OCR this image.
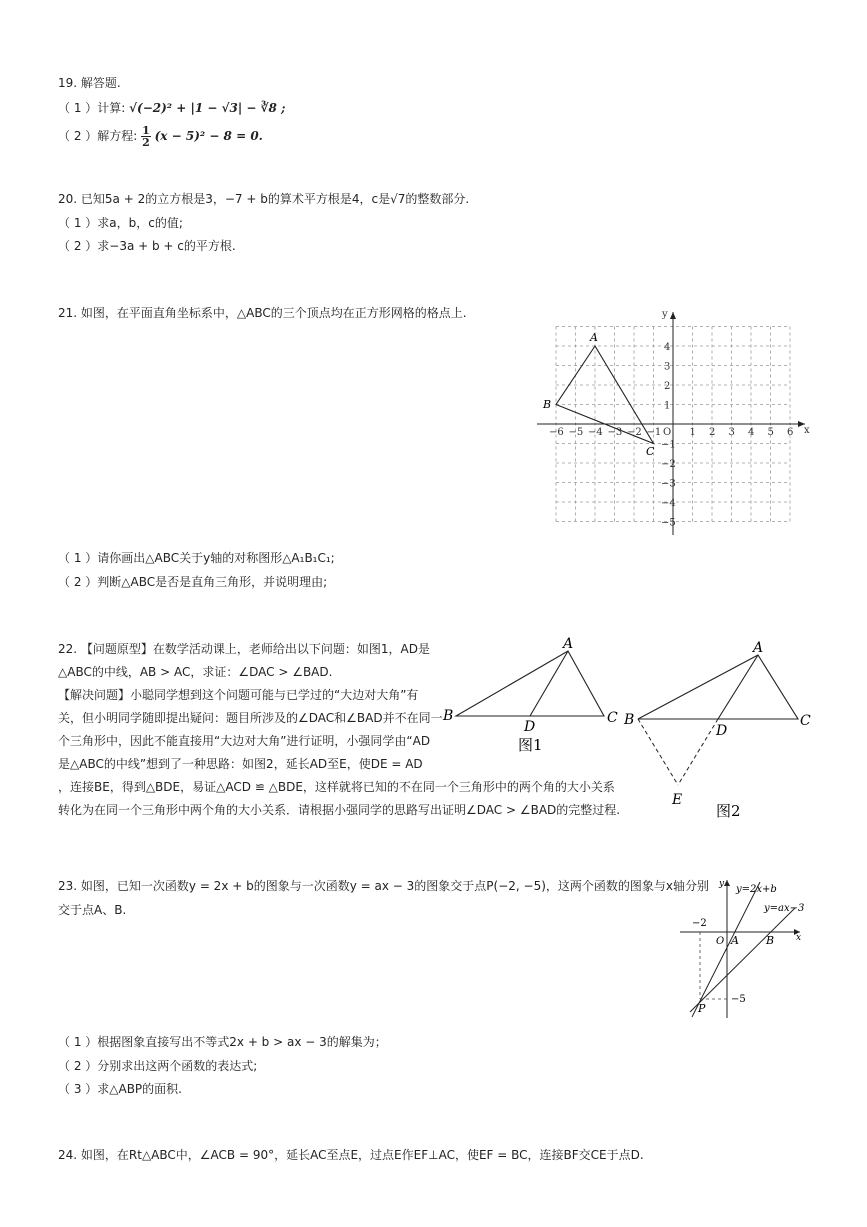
19. 解答题.
（ 1 ）计算: √(−2)² + |1 − √3| − ∛8 ;
（ 2 ）解方程: $\frac{1}{2} (x - 5)^2 - 8 = 0$.
20. 已知5a + 2的立方根是3，−7 + b的算术平方根是4，c是√7的整数部分.
（ 1 ）求a，b，c的值;
（ 2 ）求−3a + b + c的平方根.
21. 如图，在平面直角坐标系中，△ABC的三个顶点均在正方形网格的格点上.
（ 1 ）请你画出△ABC关于y轴的对称图形△A₁B₁C₁;
（ 2 ）判断△ABC是否是直角三角形，并说明理由;
x
y
O
−6 −5 −4 −3 −2 −1	1 2 3 4 5 6
4
3
2
1
−1
−2
−3
−4
−5
A
B
C
22. 【问题原型】在数学活动课上，老师给出以下问题：如图1，AD是
△ABC的中线，AB > AC，求证：∠DAC > ∠BAD.
【解决问题】小聪同学想到这个问题可能与已学过的“大边对大角”有
关，但小明同学随即提出疑问：题目所涉及的∠DAC和∠BAD并不在同一
个三角形中，因此不能直接用“大边对大角”进行证明，小强同学由“AD
是△ABC的中线”想到了一种思路：如图2，延长AD至E，使DE = AD
，连接BE，得到△BDE，易证△ACD ≌ △BDE，这样就将已知的不在同一个三角形中的两个角的大小关系
转化为在同一个三角形中两个角的大小关系．请根据小强同学的思路写出证明∠DAC > ∠BAD的完整过程.
A
B	C
D
图1
A
B	C
D
E
图2
23. 如图，已知一次函数y = 2x + b的图象与一次函数y = ax − 3的图象交于点P(−2, −5)，这两个函数的图象与x轴分别
交于点A、B.
（ 1 ）根据图象直接写出不等式2x + b > ax − 3的解集为；
（ 2 ）分别求出这两个函数的表达式;
（ 3 ）求△ABP的面积.
y=2x+b
y=ax−3
−2
−5
O A B
P
x
y
24. 如图，在Rt△ABC中，∠ACB = 90°，延长AC至点E，过点E作EF⊥AC，使EF = BC，连接BF交CE于点D.
